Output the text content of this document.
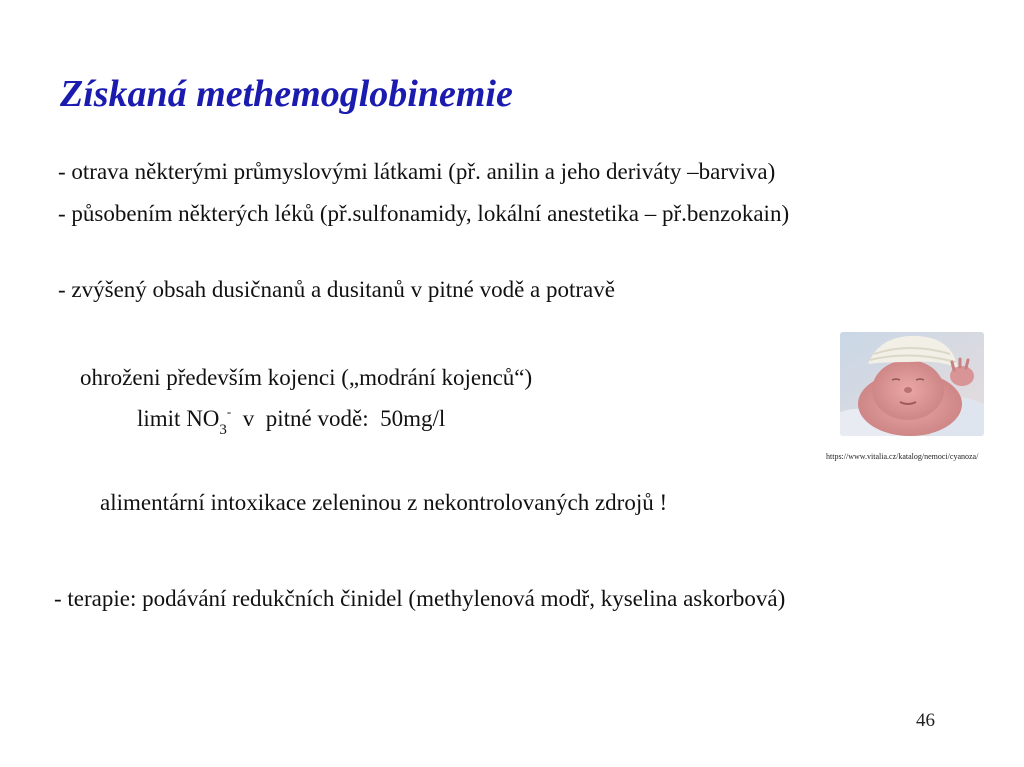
Získaná methemoglobinemie
- otrava některými průmyslovými látkami (př. anilin a jeho deriváty –barviva)
- působením některých léků (př.sulfonamidy, lokální anestetika – př.benzokain)
- zvýšený obsah dusičnanů a dusitanů v pitné vodě a potravě
ohroženi především kojenci („modrání kojenců“)
limit $NO_3^-$  v  pitné vodě:  50mg/l
alimentární intoxikace zeleninou z nekontrolovaných zdrojů !
- terapie: podávání redukčních činidel (methylenová modř, kyselina askorbová)
https://www.vitalia.cz/katalog/nemoci/cyanoza/
46
